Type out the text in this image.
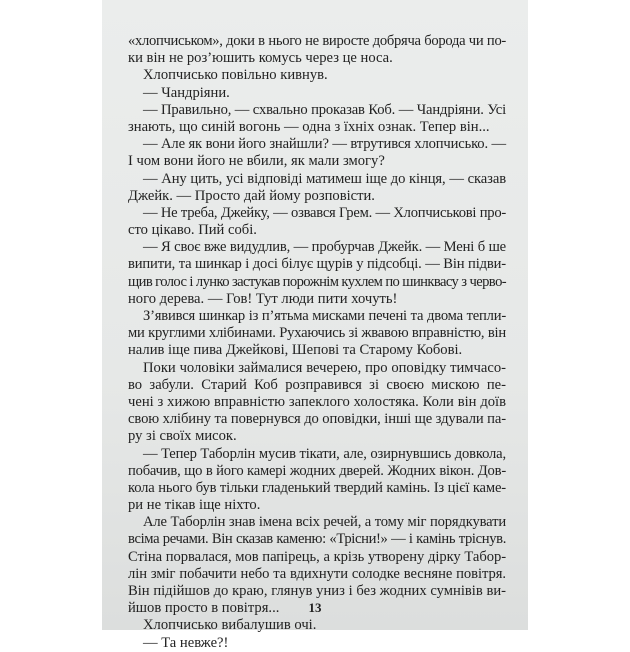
«хлопчиськом», доки в нього не виросте добряча борода чи по-
ки він не роз’юшить комусь через це носа.
Хлопчисько повільно кивнув.
— Чандріяни.
— Правильно, — схвально проказав Коб. — Чандріяни. Усі
знають, що синій вогонь — одна з їхніх ознак. Тепер він...
— Але як вони його знайшли? — втрутився хлопчисько. —
І чом вони його не вбили, як мали змогу?
— Ану цить, усі відповіді матимеш іще до кінця, — сказав
Джейк. — Просто дай йому розповісти.
— Не треба, Джейку, — озвався Грем. — Хлопчиськові про-
сто цікаво. Пий собі.
— Я своє вже видудлив, — пробурчав Джейк. — Мені б ше
випити, та шинкар і досі білує щурів у підсобці. — Він підви-
щив голос і лунко застукав порожнім кухлем по шинквасу з червo-
ного дерева. — Гов! Тут люди пити хочуть!
З’явився шинкар із п’ятьма мисками печені та двома тепли-
ми круглими хлібинами. Рухаючись зі жвавою вправністю, він
налив іще пива Джейкові, Шепові та Старому Кобові.
Поки чоловіки займалися вечерею, про оповідку тимчасо-
во забули. Старий Коб розправився зі своєю мискою пе-
чені з хижою вправністю запеклого холостяка. Коли він доїв
свою хлібину та повернувся до оповідки, інші ще здували па-
ру зі своїх мисок.
— Тепер Таборлін мусив тікати, але, озирнувшись довкола,
побачив, що в його камері жодних дверей. Жодних вікон. Дов-
кола нього був тільки гладенький твердий камінь. Із цієї каме-
ри не тікав іще ніхто.
Але Таборлін знав імена всіх речей, а тому міг порядкувати
всіма речами. Він сказав каменю: «Трісни!» — і камінь тріснув.
Стіна порвалася, мов папірець, а крізь утворену дірку Табор-
лін зміг побачити небо та вдихнути солодке весняне повітря.
Він підійшов до краю, глянув униз і без жодних сумнівів ви-
йшов просто в повітря...
Хлопчисько вибалушив очі.
— Та невже?!
13
